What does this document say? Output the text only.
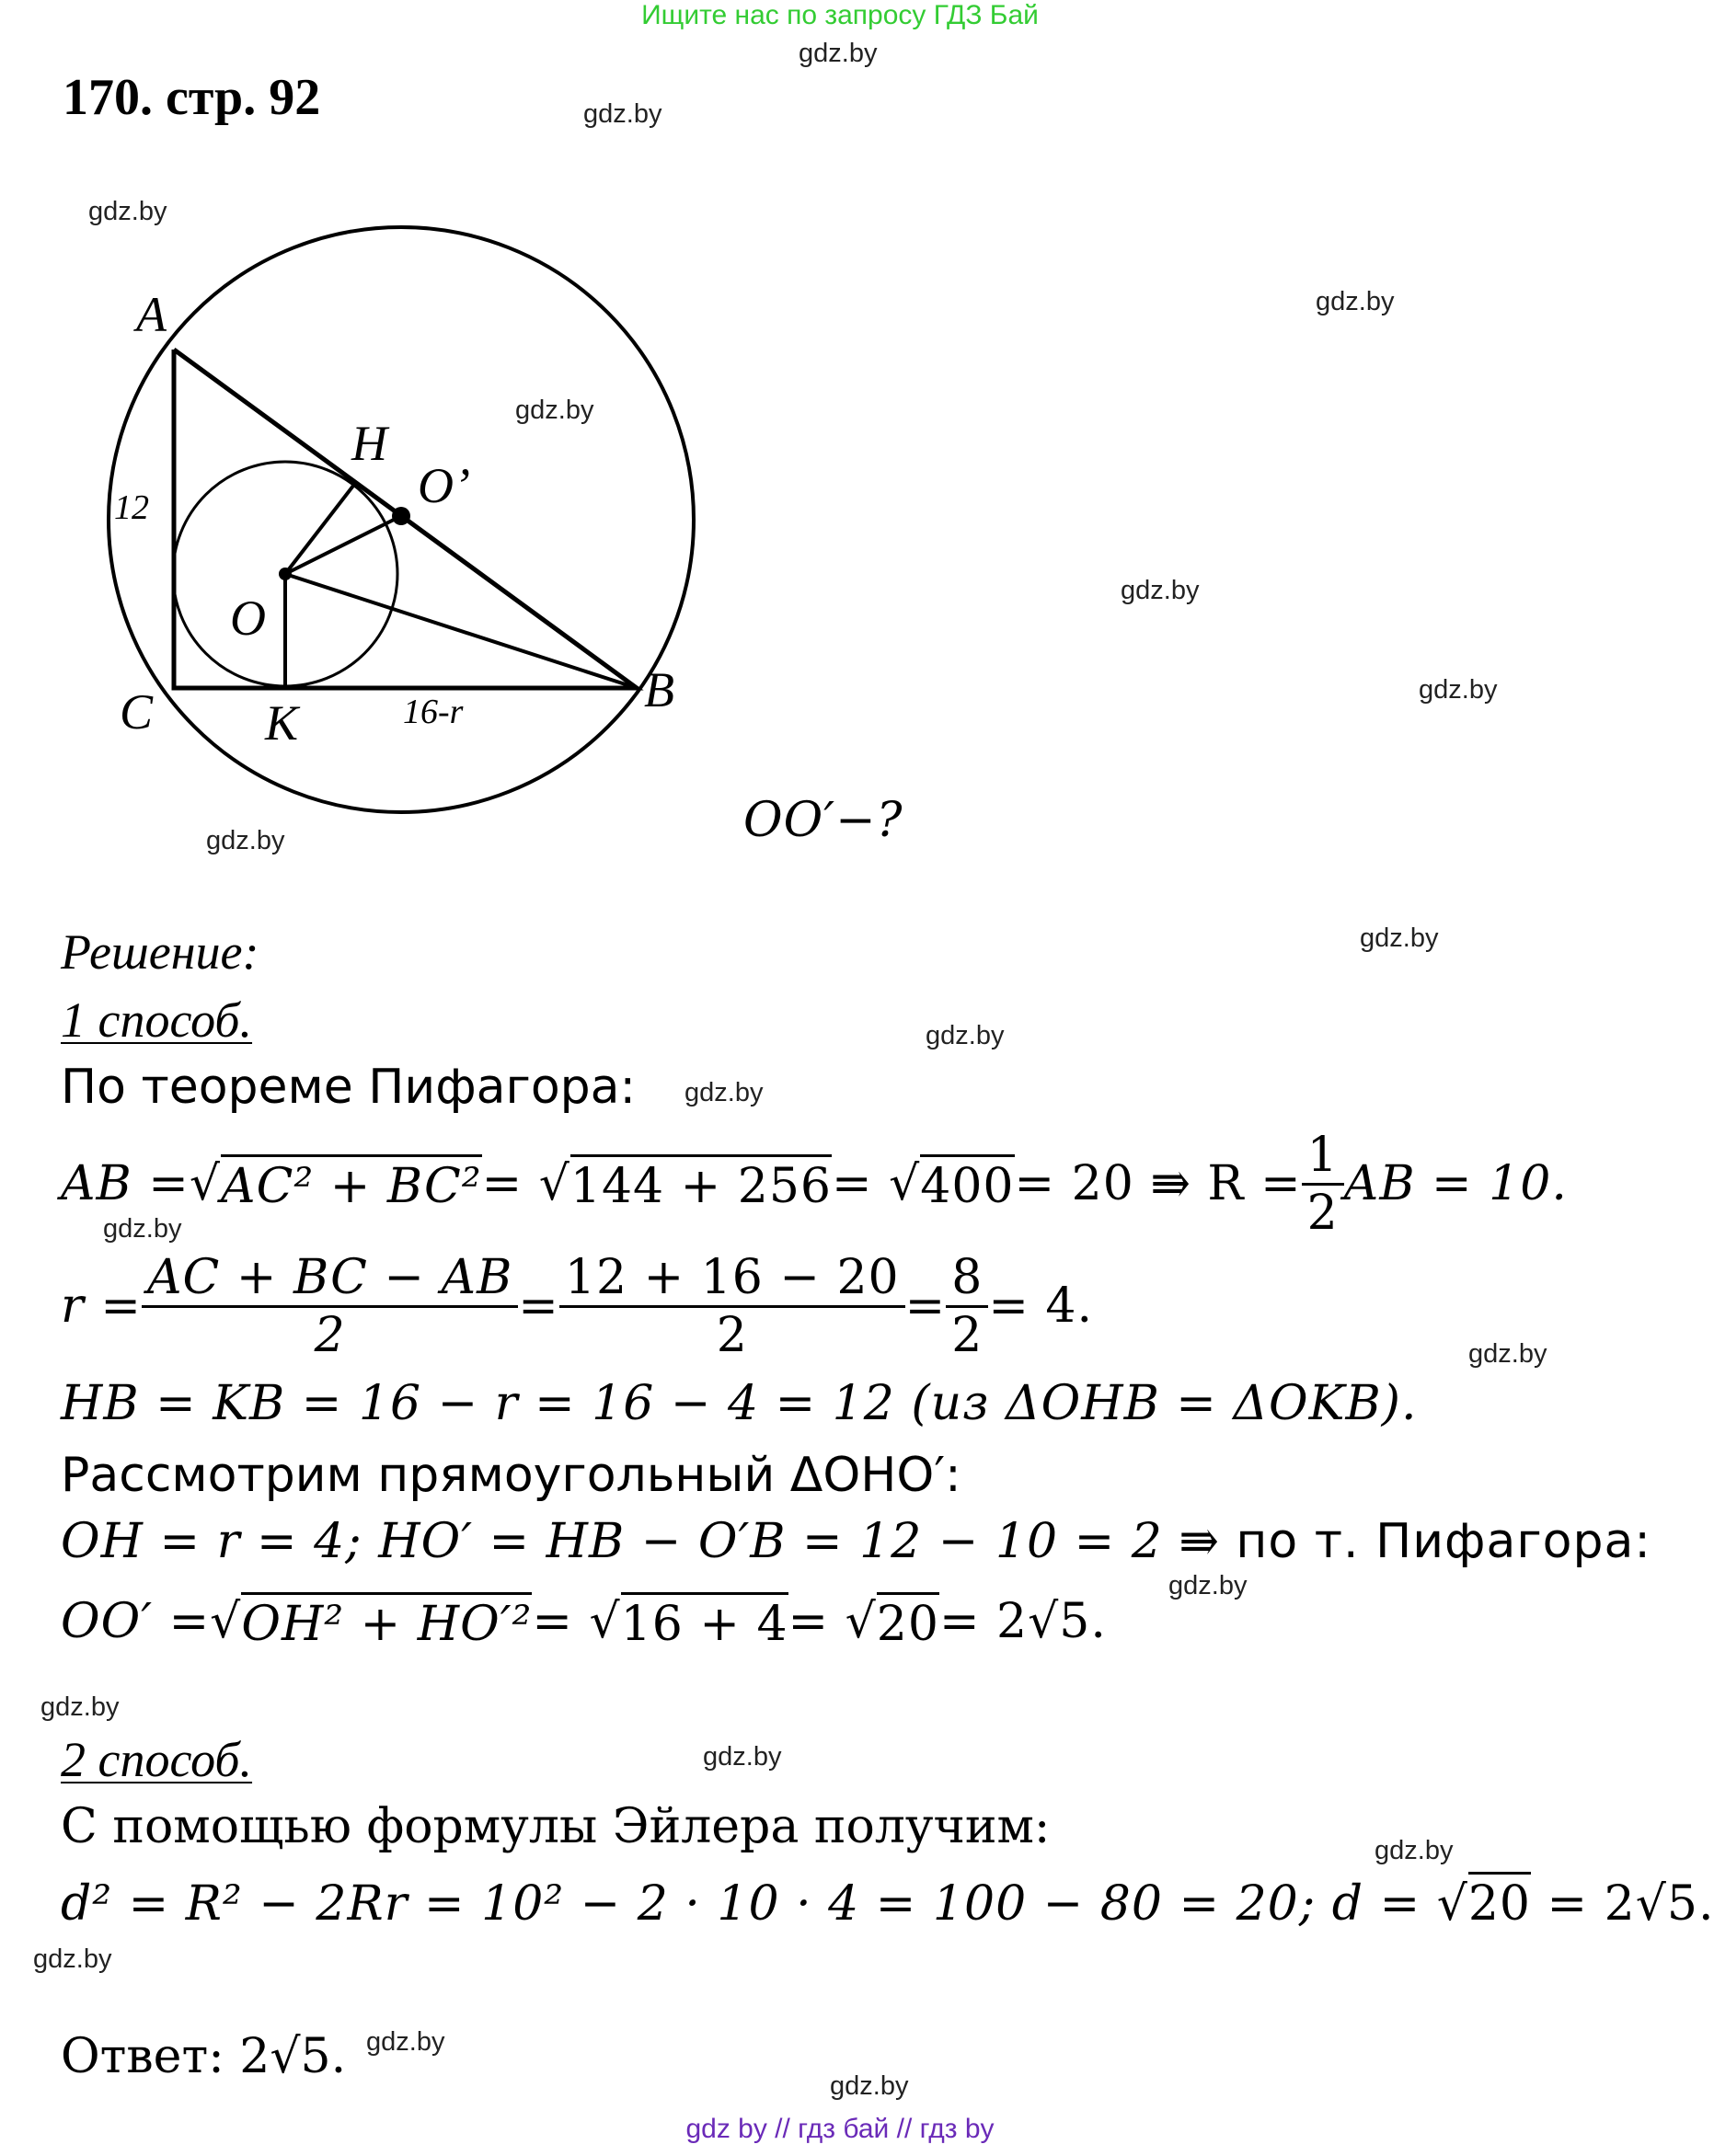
Ищите нас по запросу ГДЗ Бай
gdz.by
gdz.by
gdz.by
gdz.by
gdz.by
gdz.by
gdz.by
gdz.by
gdz.by
gdz.by
gdz.by
gdz.by
gdz.by
gdz.by
gdz.by
gdz.by
gdz.by
gdz.by
gdz.by
gdz.by
170. стр. 92
A
B
C
H
O’
O
K
12
16-r
OO′−?
Решение:
1 способ.
По теореме Пифагора:
AB = √ AC² + BC² = √ 144 + 256 = √ 400 = 20 ⇛ $R = \frac{1}{2}$ AB = 10.
$r = \frac{AC + BC - AB}{2} = \frac{12 + 16 - 20}{2} = \frac{8}{2} = 4$.
HB = KB = 16 − r = 16 − 4 = 12 (из ΔOHB = ΔOKB).
Рассмотрим прямоугольный ΔOHO′:
OH = r = 4; HO′ = HB − O′B = 12 − 10 = 2 ⇛ по т. Пифагора:
OO′ = √ OH² + HO′² = √ 16 + 4 = √ 20 = 2√5.
2 способ.
С помощью формулы Эйлера получим:
d² = R² − 2Rr = 10² − 2 · 10 · 4 = 100 − 80 = 20; d = √20 = 2√5.
Ответ: 2√5.
gdz by // гдз бай // гдз by
